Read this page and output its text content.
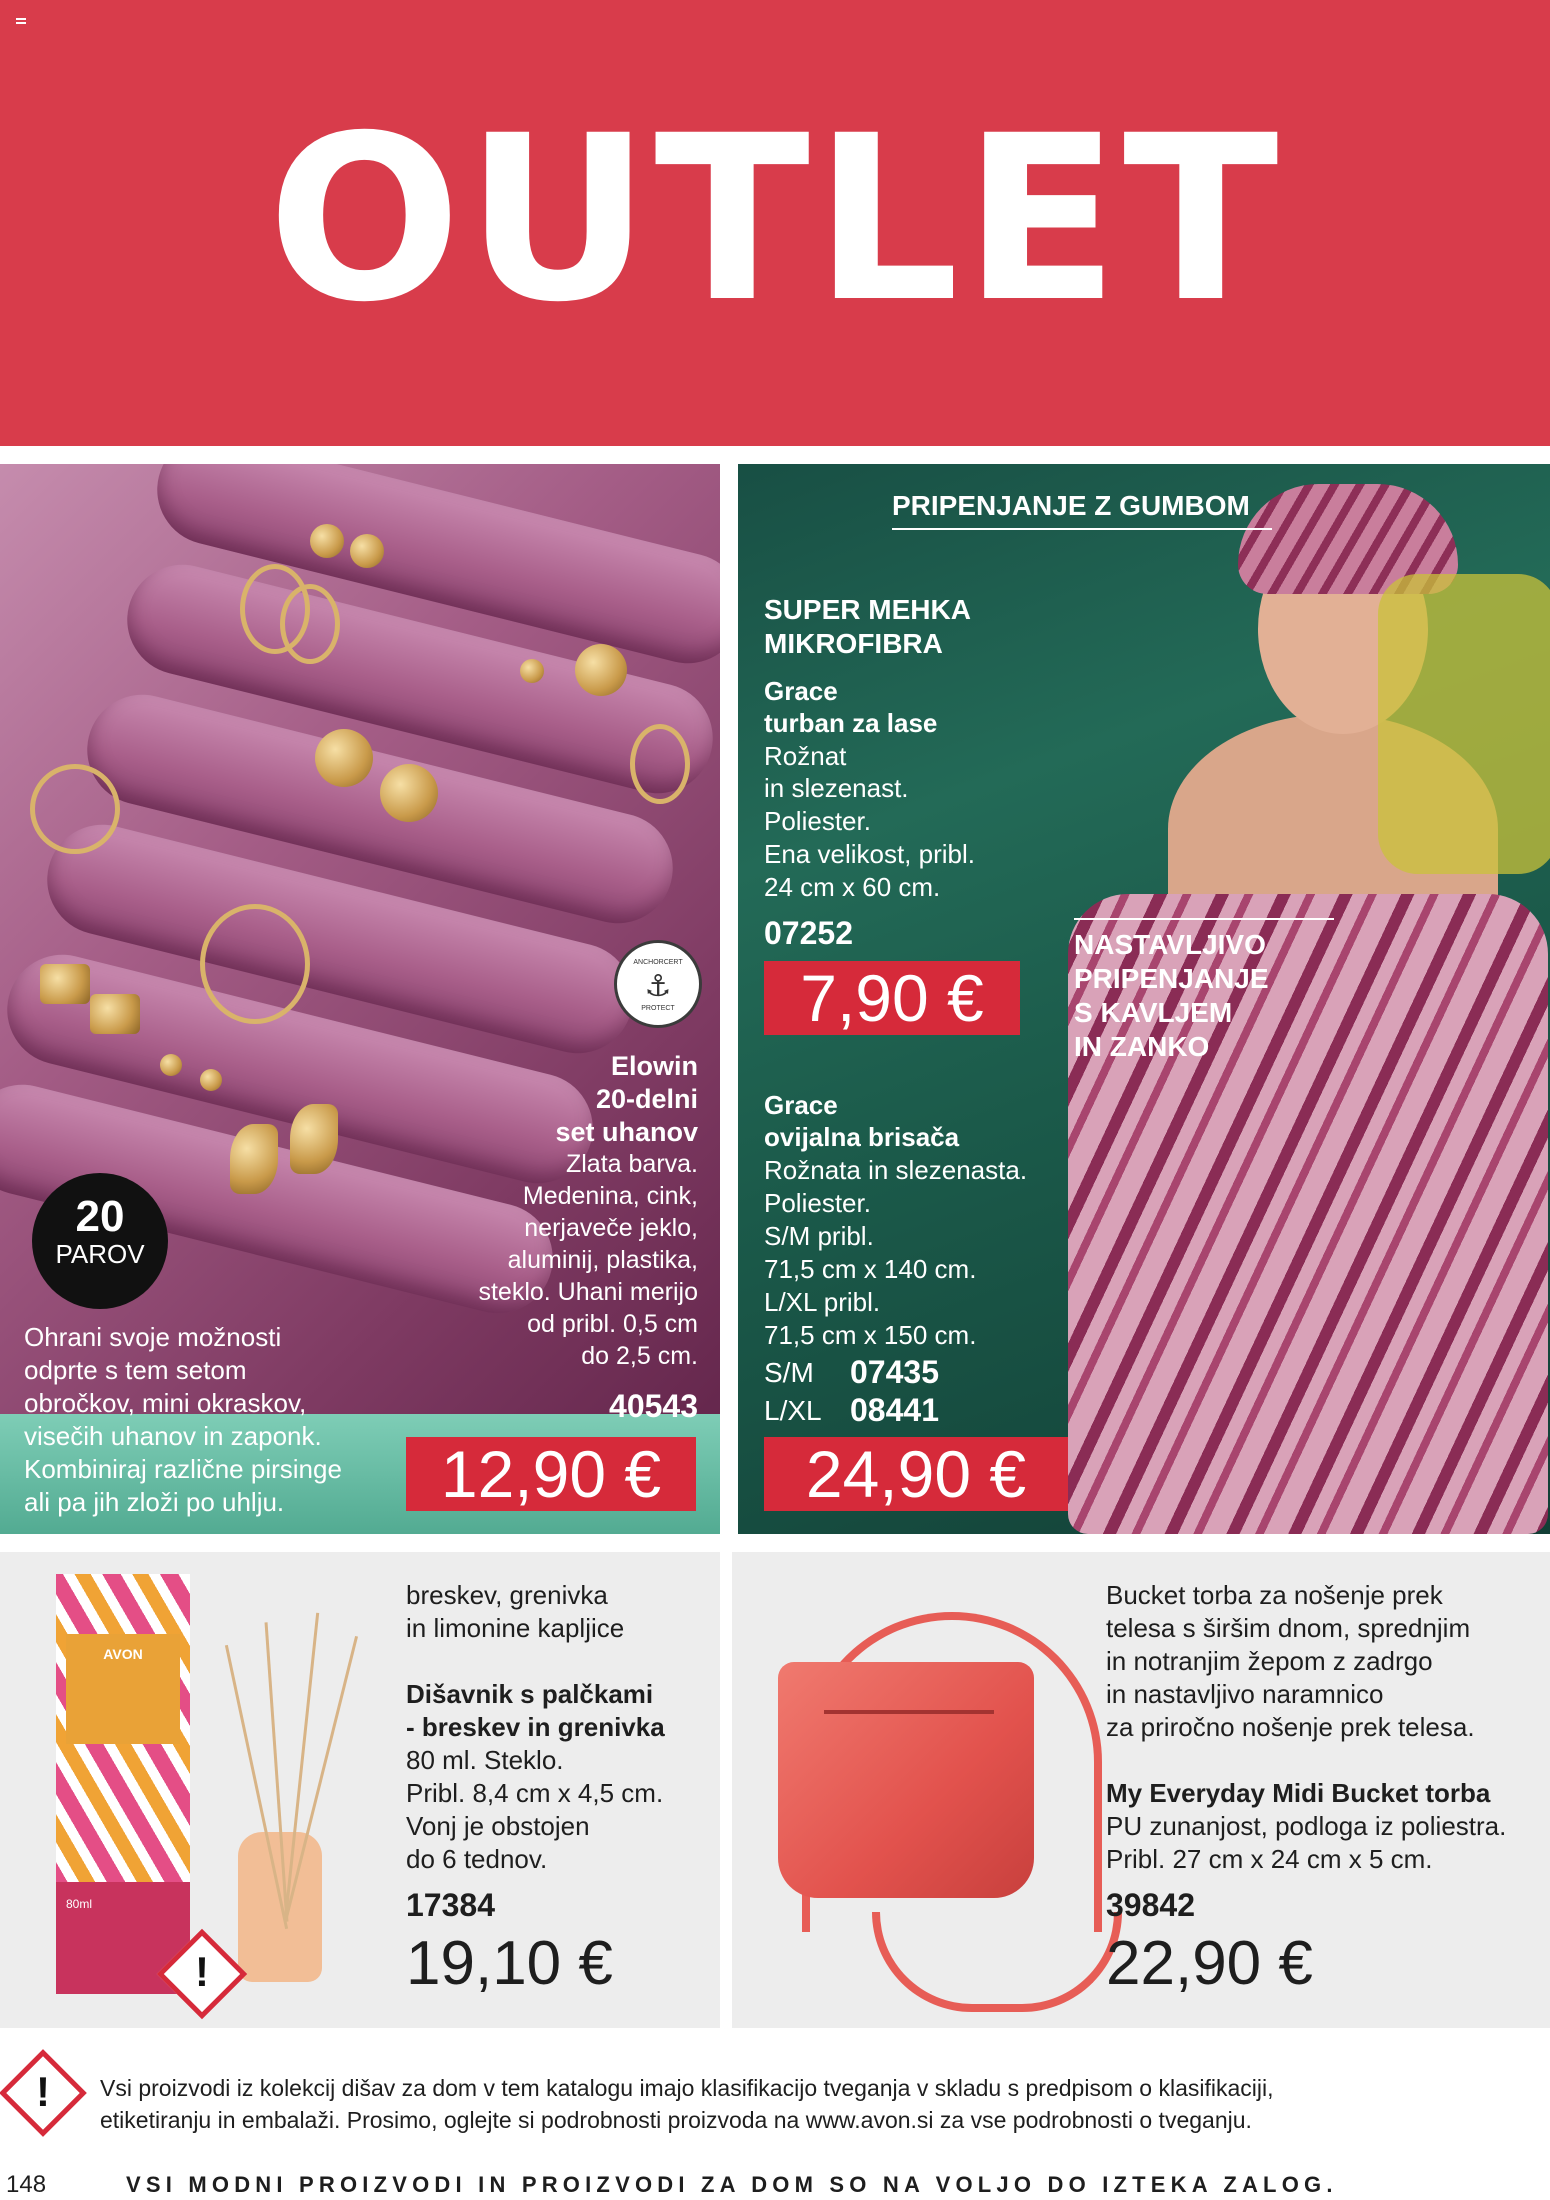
OUTLET
ANCHORCERT
⚓
PROTECT
Elowin
20-delni
set uhanov
Zlata barva.
Medenina, cink,
nerjaveče jeklo,
aluminij, plastika,
steklo. Uhani merijo
od pribl. 0,5 cm
do 2,5 cm.
40543
12,90 €
20
PAROV
Ohrani svoje možnosti
odprte s tem setom
obročkov, mini okraskov,
visečih uhanov in zaponk.
Kombiniraj različne pirsinge
ali pa jih zloži po uhlju.
PRIPENJANJE Z GUMBOM
SUPER MEHKA
MIKROFIBRA
Grace
turban za lase
Rožnat
in slezenast.
Poliester.
Ena velikost, pribl.
24 cm x 60 cm.
07252
7,90 €
NASTAVLJIVO
PRIPENJANJE
S KAVLJEM
IN ZANKO
Grace
ovijalna brisača
Rožnata in slezenasta.
Poliester.
S/M pribl.
71,5 cm x 140 cm.
L/XL pribl.
71,5 cm x 150 cm.
S/M 07435
L/XL 08441
24,90 €
AVON
80ml
!
breskev, grenivka
in limonine kapljice
Dišavnik s palčkami
- breskev in grenivka
80 ml. Steklo.
Pribl. 8,4 cm x 4,5 cm.
Vonj je obstojen
do 6 tednov.
17384
19,10 €
Bucket torba za nošenje prek
telesa s širšim dnom, sprednjim
in notranjim žepom z zadrgo
in nastavljivo naramnico
za priročno nošenje prek telesa.
My Everyday Midi Bucket torba
PU zunanjost, podloga iz poliestra.
Pribl. 27 cm x 24 cm x 5 cm.
39842
22,90 €
!	Vsi proizvodi iz kolekcij dišav za dom v tem katalogu imajo klasifikacijo tveganja v skladu s predpisom o klasifikaciji,
etiketiranju in embalaži. Prosimo, oglejte si podrobnosti proizvoda na www.avon.si za vse podrobnosti o tveganju.
148	VSI MODNI PROIZVODI IN PROIZVODI ZA DOM SO NA VOLJO DO IZTEKA ZALOG.
